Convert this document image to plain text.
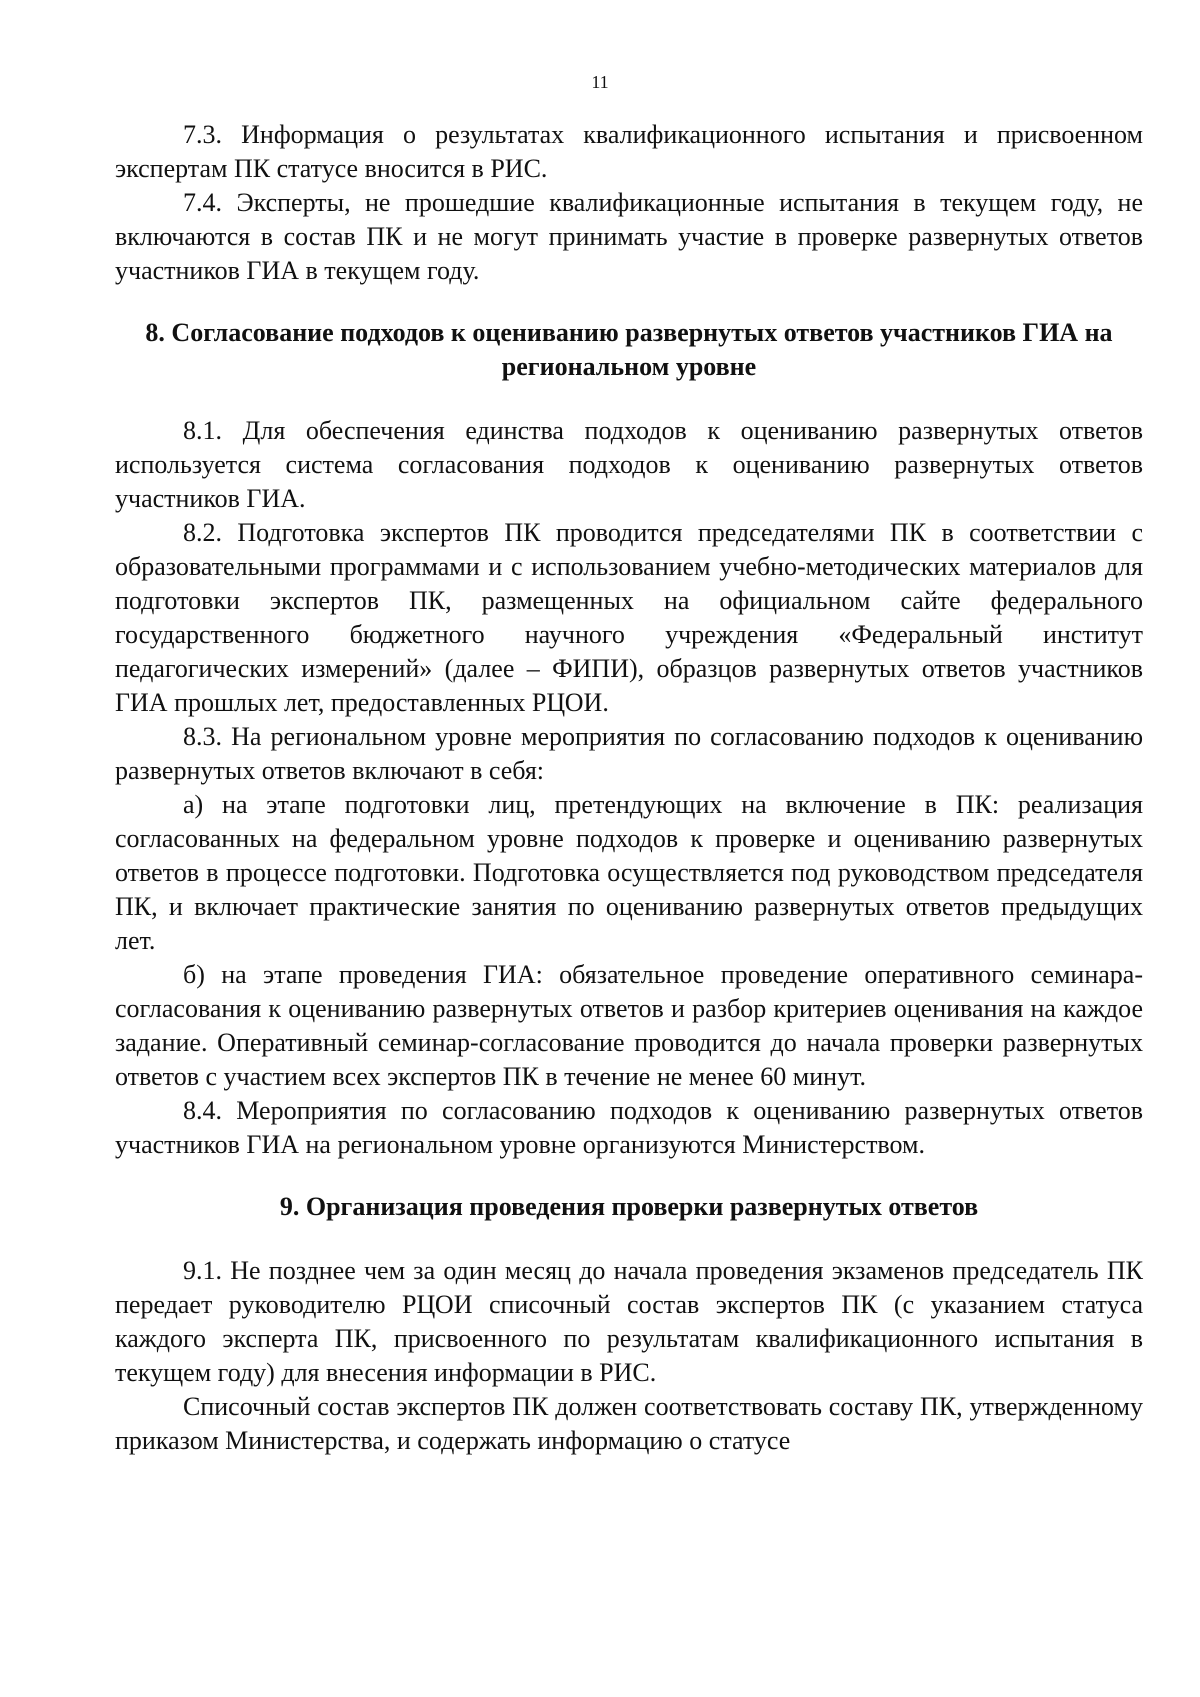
11

7.3. Информация о результатах квалификационного испытания и присвоенном экспертам ПК статусе вносится в РИС.

7.4. Эксперты, не прошедшие квалификационные испытания в текущем году, не включаются в состав ПК и не могут принимать участие в проверке развернутых ответов участников ГИА в текущем году.

8. Согласование подходов к оцениванию развернутых ответов участников ГИА на региональном уровне

8.1. Для обеспечения единства подходов к оцениванию развернутых ответов используется система согласования подходов к оцениванию развернутых ответов участников ГИА.

8.2. Подготовка экспертов ПК проводится председателями ПК в соответствии с образовательными программами и с использованием учебно-методических материалов для подготовки экспертов ПК, размещенных на официальном сайте федерального государственного бюджетного научного учреждения «Федеральный институт педагогических измерений» (далее – ФИПИ), образцов развернутых ответов участников ГИА прошлых лет, предоставленных РЦОИ.

8.3. На региональном уровне мероприятия по согласованию подходов к оцениванию развернутых ответов включают в себя:

а) на этапе подготовки лиц, претендующих на включение в ПК: реализация согласованных на федеральном уровне подходов к проверке и оцениванию развернутых ответов в процессе подготовки. Подготовка осуществляется под руководством председателя ПК, и включает практические занятия по оцениванию развернутых ответов предыдущих лет.

б) на этапе проведения ГИА: обязательное проведение оперативного семинара-согласования к оцениванию развернутых ответов и разбор критериев оценивания на каждое задание. Оперативный семинар-согласование проводится до начала проверки развернутых ответов с участием всех экспертов ПК в течение не менее 60 минут.

8.4. Мероприятия по согласованию подходов к оцениванию развернутых ответов участников ГИА на региональном уровне организуются Министерством.

9. Организация проведения проверки развернутых ответов

9.1. Не позднее чем за один месяц до начала проведения экзаменов председатель ПК передает руководителю РЦОИ списочный состав экспертов ПК (с указанием статуса каждого эксперта ПК, присвоенного по результатам квалификационного испытания в текущем году) для внесения информации в РИС.

Списочный состав экспертов ПК должен соответствовать составу ПК, утвержденному приказом Министерства, и содержать информацию о статусе
